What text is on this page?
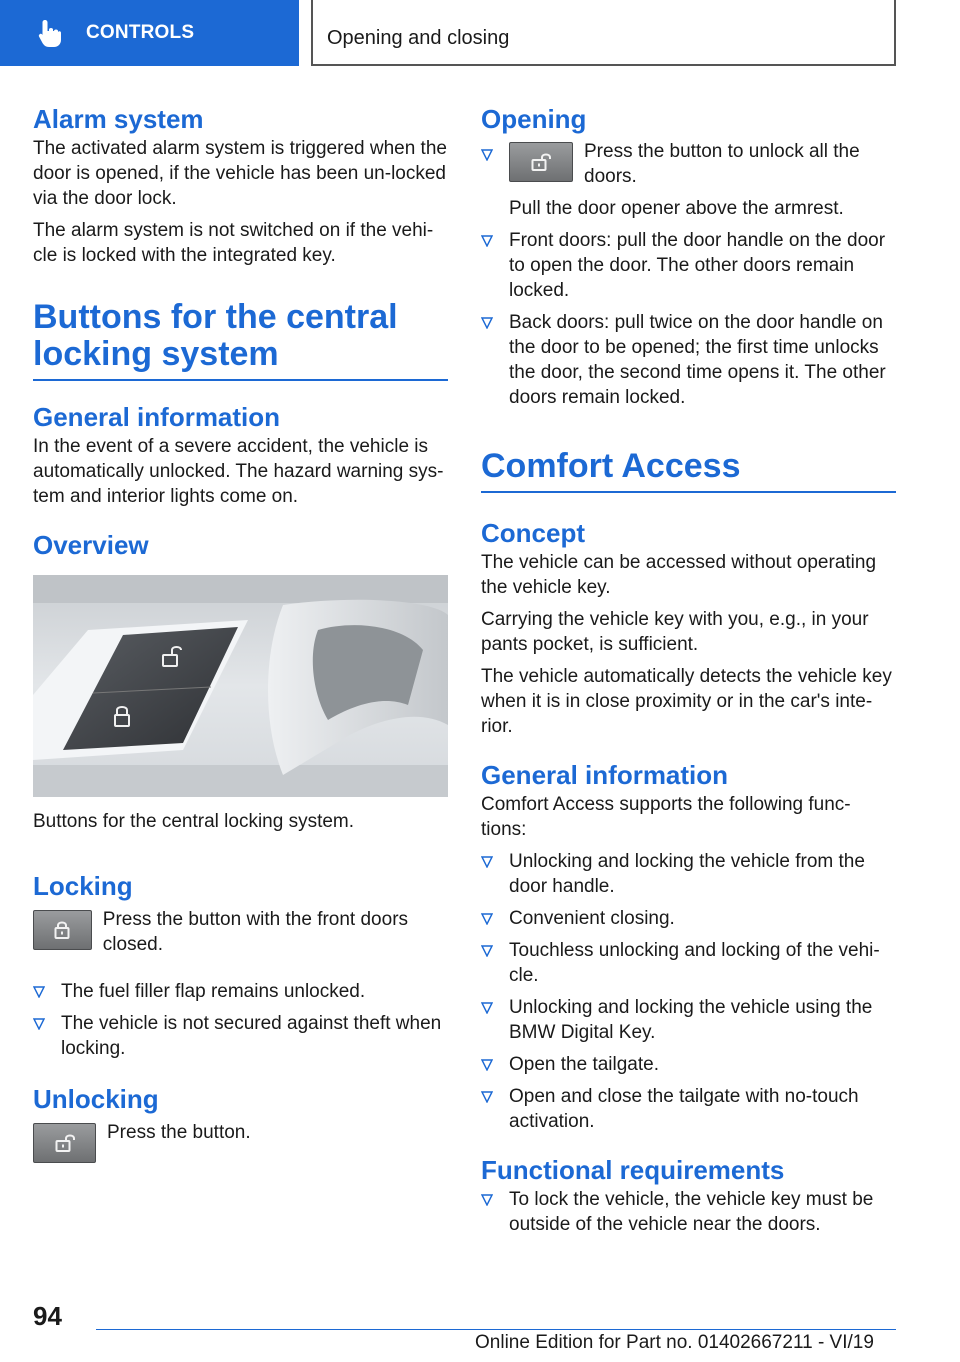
CONTROLS	Opening and closing
Alarm system

The activated alarm system is triggered when the door is opened, if the vehicle has been un‐locked via the door lock.

The alarm system is not switched on if the vehi‐cle is locked with the integrated key.

Buttons for the central locking system
General information

In the event of a severe accident, the vehicle is automatically unlocked. The hazard warning sys‐tem and interior lights come on.

Overview

Buttons for the central locking system.

Locking
Press the button with the front doors closed.
The fuel filler flap remains unlocked.
The vehicle is not secured against theft when locking.
Unlocking
Press the button.
Opening
Press the button to unlock all the doors.

Pull the door opener above the armrest.

Front doors: pull the door handle on the door to open the door. The other doors remain locked.
Back doors: pull twice on the door handle on the door to be opened; the first time unlocks the door, the second time opens it. The other doors remain locked.
Comfort Access
Concept

The vehicle can be accessed without operating the vehicle key.

Carrying the vehicle key with you, e.g., in your pants pocket, is sufficient.

The vehicle automatically detects the vehicle key when it is in close proximity or in the car's inte‐rior.

General information

Comfort Access supports the following func‐tions:

Unlocking and locking the vehicle from the door handle.
Convenient closing.
Touchless unlocking and locking of the vehi‐cle.
Unlocking and locking the vehicle using the BMW Digital Key.
Open the tailgate.
Open and close the tailgate with no-touch activation.
Functional requirements
To lock the vehicle, the vehicle key must be outside of the vehicle near the doors.
94
Online Edition for Part no. 01402667211 - VI/19
